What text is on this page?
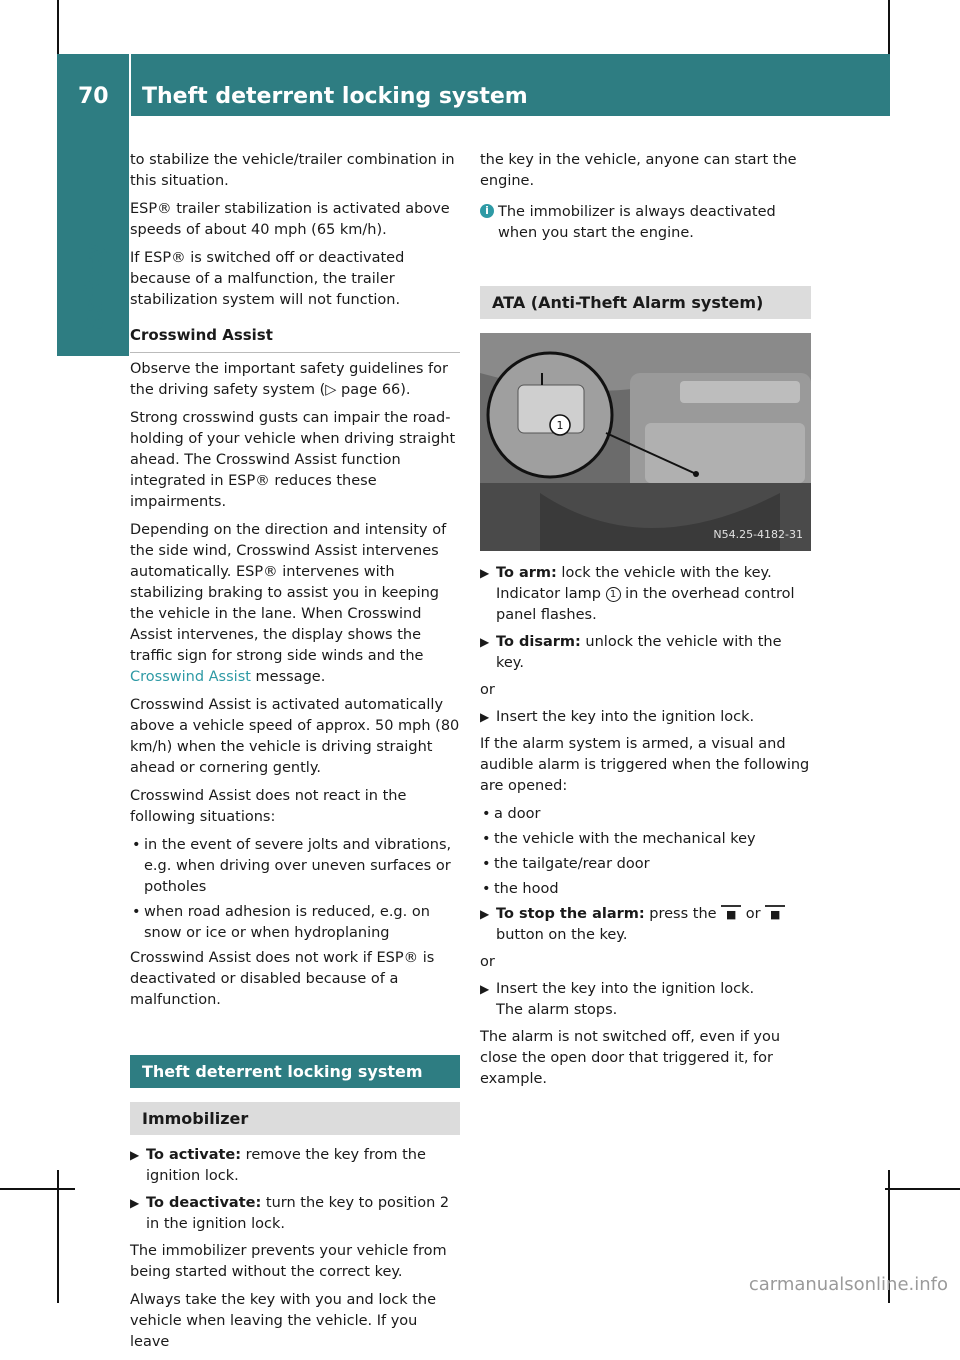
70 Theft deterrent locking system
Safety

to stabilize the vehicle/trailer combination in this situation.

ESP® trailer stabilization is activated above speeds of about 40 mph (65 km/h).

If ESP® is switched off or deactivated because of a malfunction, the trailer stabilization system will not function.

Crosswind Assist

Observe the important safety guidelines for the driving safety system (▷ page 66).

Strong crosswind gusts can impair the road-holding of your vehicle when driving straight ahead. The Crosswind Assist function integrated in ESP® reduces these impairments.

Depending on the direction and intensity of the side wind, Crosswind Assist intervenes automatically. ESP® intervenes with stabilizing braking to assist you in keeping the vehicle in the lane. When Crosswind Assist intervenes, the display shows the traffic sign for strong side winds and the Crosswind Assist message.

Crosswind Assist is activated automatically above a vehicle speed of approx. 50 mph (80 km/h) when the vehicle is driving straight ahead or cornering gently.

Crosswind Assist does not react in the following situations:

• in the event of severe jolts and vibrations, e.g. when driving over uneven surfaces or potholes
• when road adhesion is reduced, e.g. on snow or ice or when hydroplaning

Crosswind Assist does not work if ESP® is deactivated or disabled because of a malfunction.

Theft deterrent locking system
Immobilizer
▶ To activate: remove the key from the ignition lock.
▶ To deactivate: turn the key to position 2 in the ignition lock.

The immobilizer prevents your vehicle from being started without the correct key.

Always take the key with you and lock the vehicle when leaving the vehicle. If you leave

the key in the vehicle, anyone can start the engine.

i The immobilizer is always deactivated when you start the engine.
ATA (Anti-Theft Alarm system)
1
N54.25-4182-31
▶ To arm: lock the vehicle with the key. Indicator lamp 1 in the overhead control panel flashes.
▶ To disarm: unlock the vehicle with the key.
or
▶ Insert the key into the ignition lock.

If the alarm system is armed, a visual and audible alarm is triggered when the following are opened:

• a door
• the vehicle with the mechanical key
• the tailgate/rear door
• the hood
▶ To stop the alarm: press the ■ or ■ button on the key.
or
▶ Insert the key into the ignition lock.
The alarm stops.

The alarm is not switched off, even if you close the open door that triggered it, for example.

carmanualsonline.info
